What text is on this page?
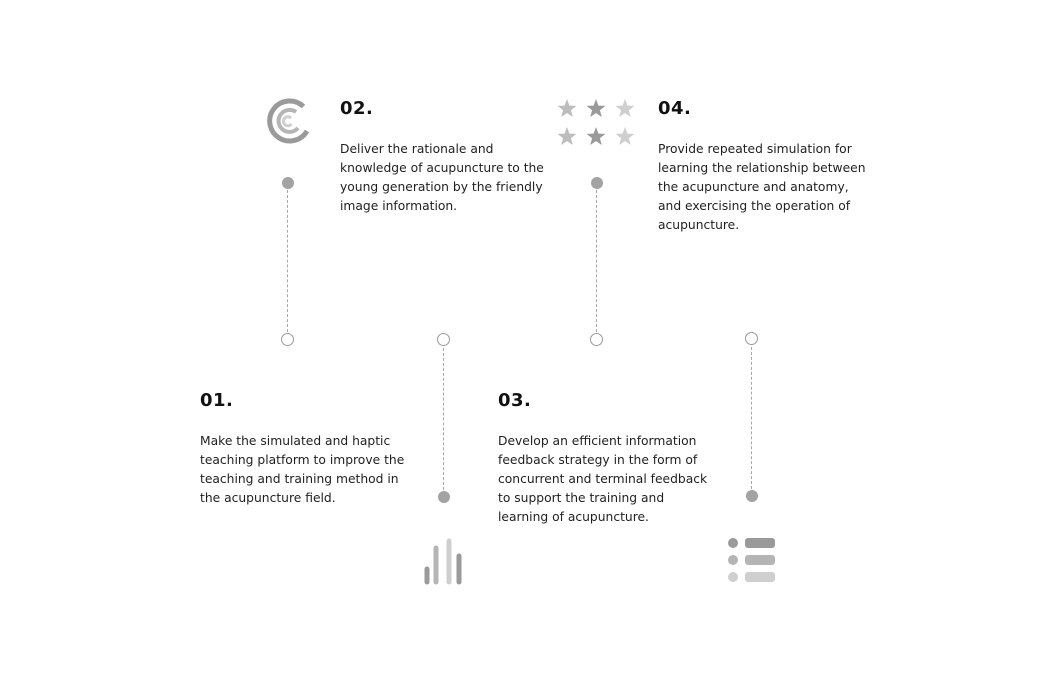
02.

Deliver the rationale and knowledge of acupuncture to the young generation by the friendly image information.

01.

Make the simulated and haptic teaching platform to improve the teaching and training method in the acupuncture field.

04.

Provide repeated simulation for learning the relationship between the acupuncture and anatomy, and exercising the operation of acupuncture.

03.

Develop an efficient information feedback strategy in the form of concurrent and terminal feedback to support the training and learning of acupuncture.
